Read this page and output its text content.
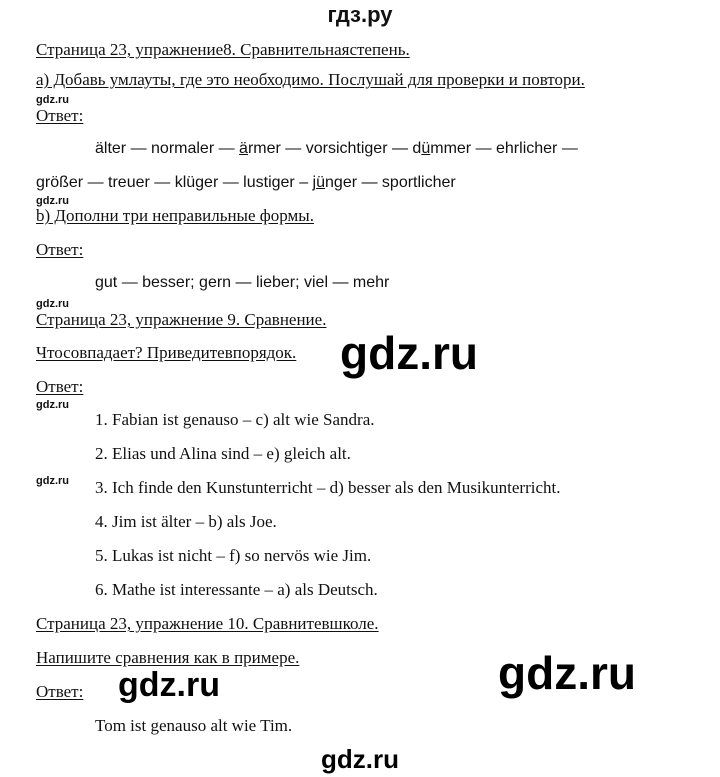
гдз.ру
Страница 23, упражнение8. Сравнительнаястепень.
а) Добавь умлауты, где это необходимо. Послушай для проверки и повтори.
gdz.ru
Ответ:
älter — normaler — ärmer — vorsichtiger — dümmer — ehrlicher —
größer — treuer — klüger — lustiger – jünger — sportlicher
gdz.ru
b) Дополни три неправильные формы.
Ответ:
gut — besser; gern — lieber; viel — mehr
gdz.ru
Страница 23, упражнение 9. Сравнение.
Чтосовпадает? Приведитевпорядок. gdz.ru
Ответ:
gdz.ru
1. Fabian ist genauso – c) alt wie Sandra.
2. Elias und Alina sind – e) gleich alt.
gdz.ru 3. Ich finde den Kunstunterricht – d) besser als den Musikunterricht.
4. Jim ist älter – b) als Joe.
5. Lukas ist nicht – f) so nervös wie Jim.
6. Mathe ist interessante – a) als Deutsch.
Страница 23, упражнение 10. Сравнитевшколе.
Напишите сравнения как в примере.	gdz.ru
Ответ: gdz.ru
Tom ist genauso alt wie Tim.
gdz.ru
